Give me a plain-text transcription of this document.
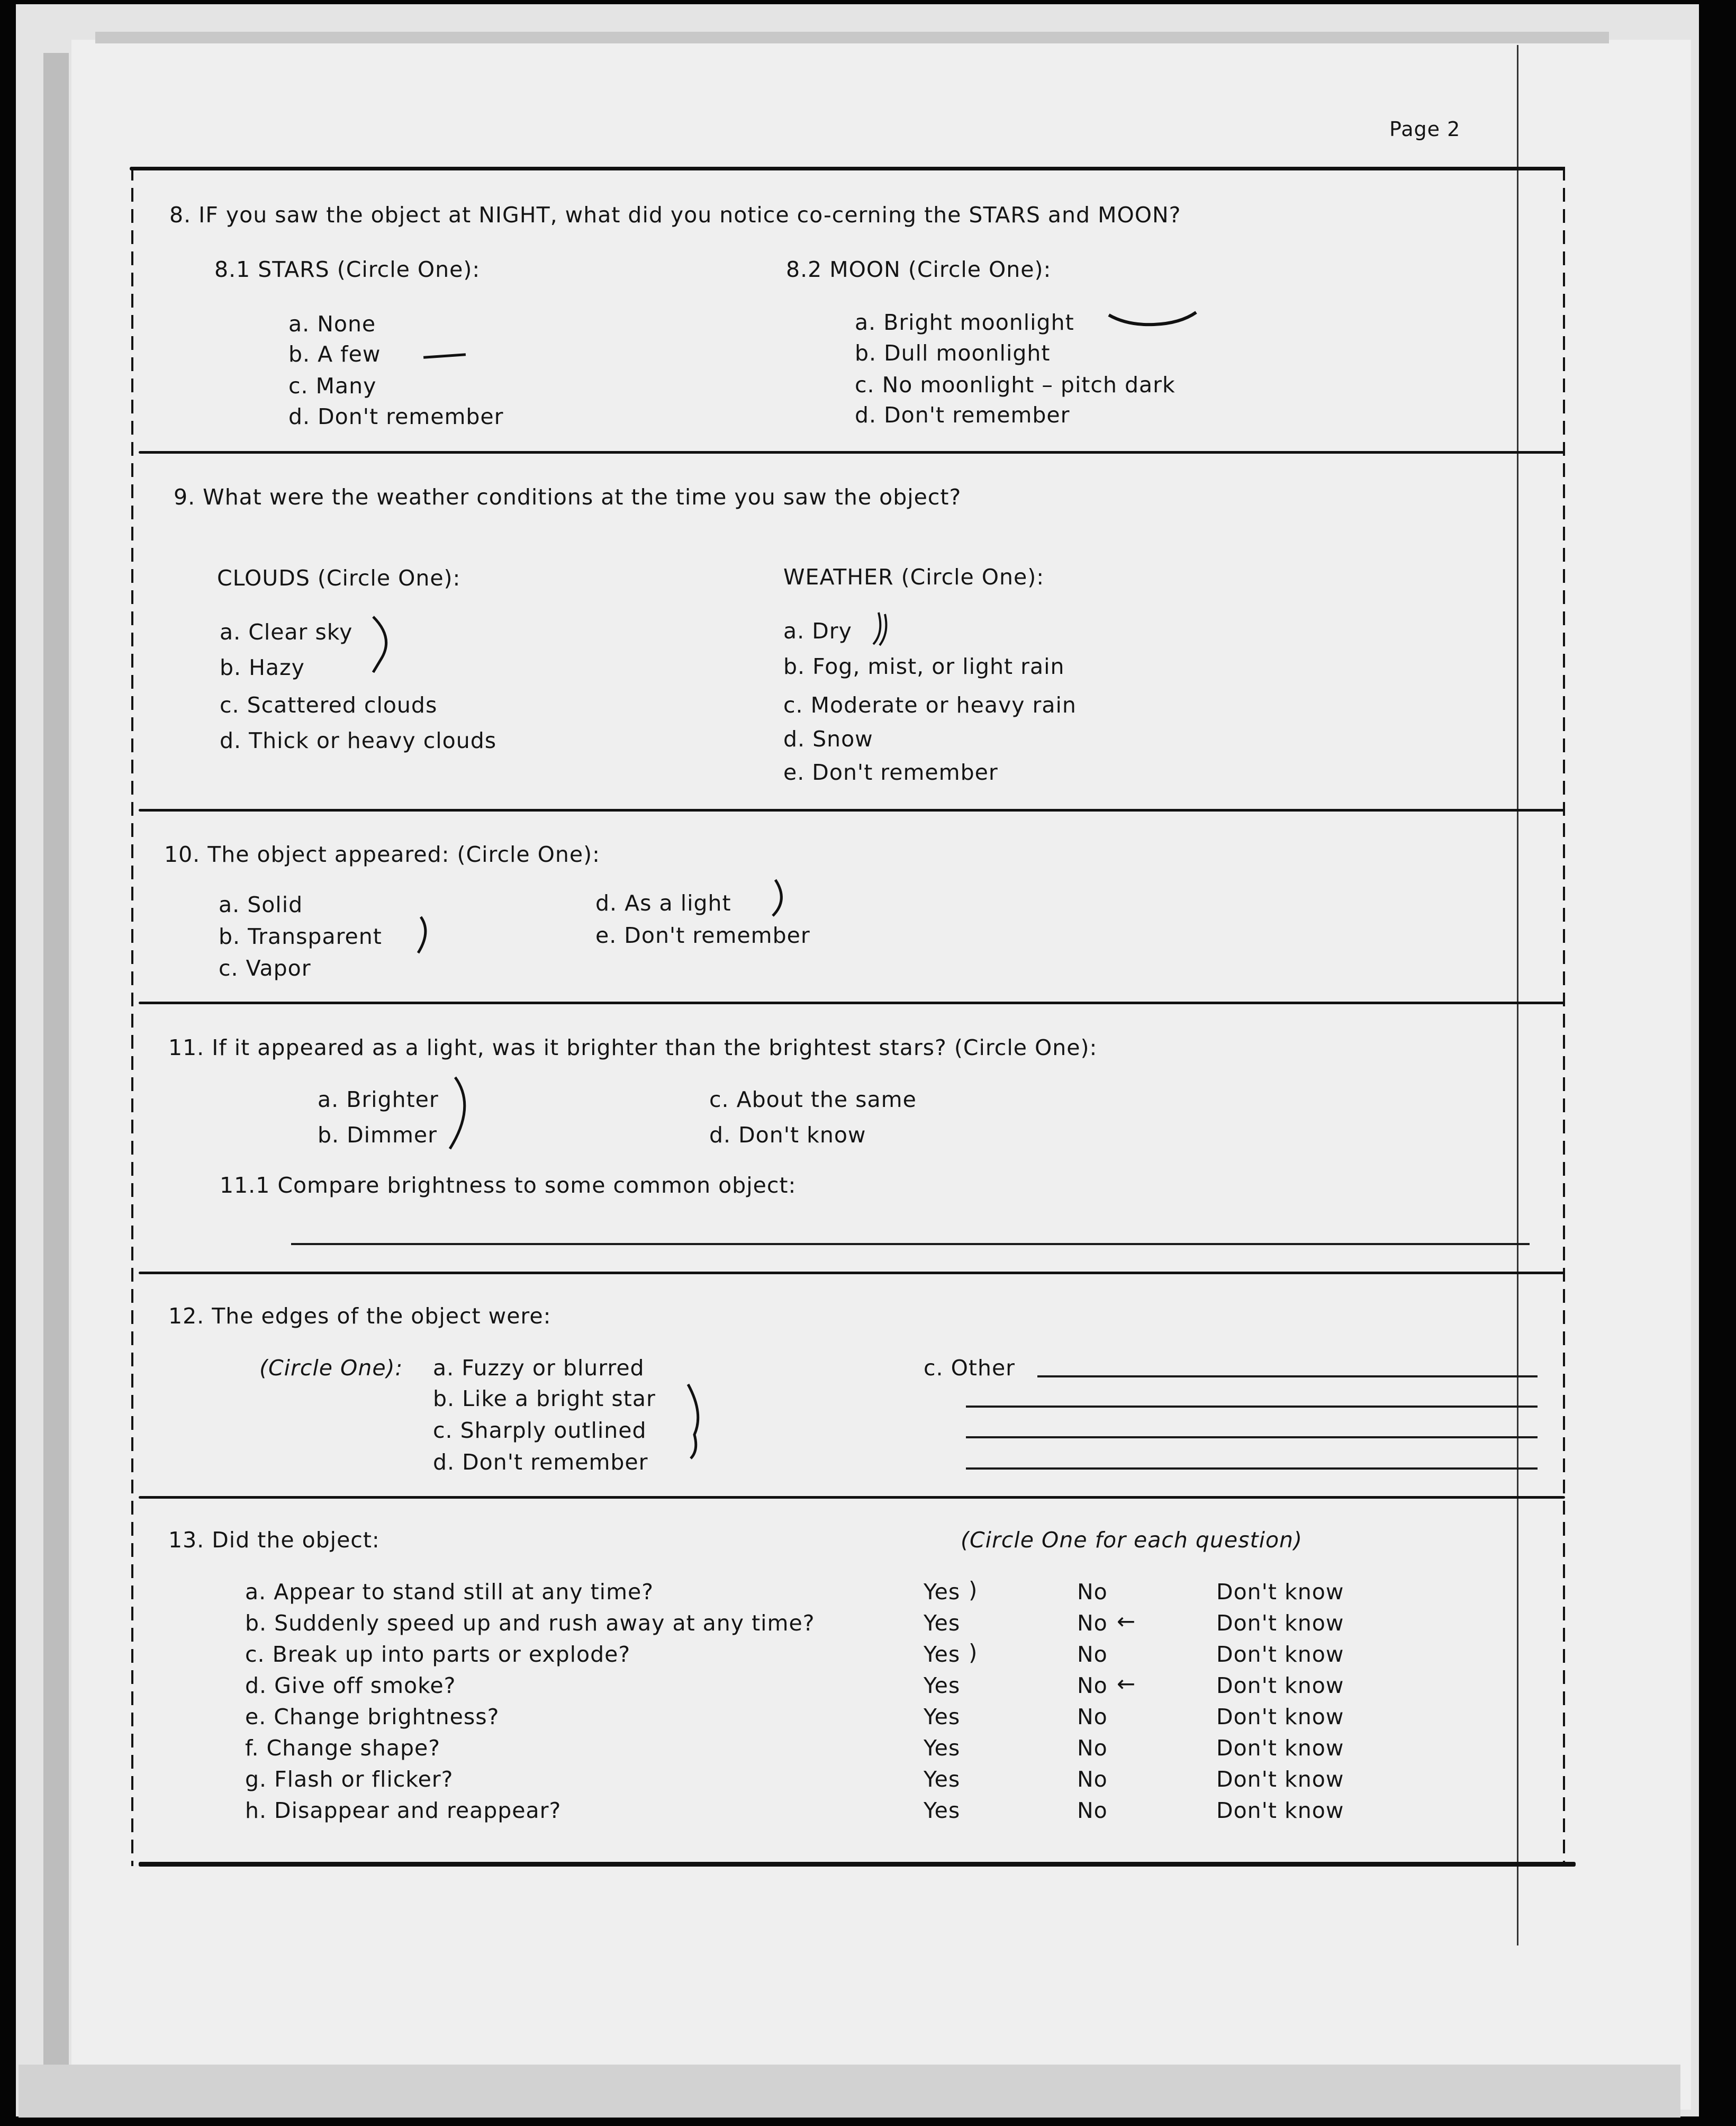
Page 2
8. IF you saw the object at NIGHT, what did you notice co-cerning the STARS and MOON?
8.1 STARS (Circle One):	8.2 MOON (Circle One):
a. None
b. A few
c. Many
d. Don't remember
a. Bright moonlight
b. Dull moonlight
c. No moonlight – pitch dark
d. Don't remember
9. What were the weather conditions at the time you saw the object?
CLOUDS (Circle One):	WEATHER (Circle One):
a. Clear sky
b. Hazy
c. Scattered clouds
d. Thick or heavy clouds
a. Dry
b. Fog, mist, or light rain
c. Moderate or heavy rain
d. Snow
e. Don't remember
10. The object appeared: (Circle One):
a. Solid
b. Transparent
c. Vapor
d. As a light
e. Don't remember
11. If it appeared as a light, was it brighter than the brightest stars? (Circle One):
a. Brighter
b. Dimmer
c. About the same
d. Don't know
11.1 Compare brightness to some common object:
12. The edges of the object were:
(Circle One): a. Fuzzy or blurred
b. Like a bright star
c. Sharply outlined
d. Don't remember
c. Other
13. Did the object:	(Circle One for each question)
a. Appear to stand still at any time?	Yes )	No	Don't know
b. Suddenly speed up and rush away at any time?	Yes	No ←	Don't know
c. Break up into parts or explode?	Yes )	No	Don't know
d. Give off smoke?	Yes	No ←	Don't know
e. Change brightness?	Yes	No	Don't know
f. Change shape?	Yes	No	Don't know
g. Flash or flicker?	Yes	No	Don't know
h. Disappear and reappear?	Yes	No	Don't know
